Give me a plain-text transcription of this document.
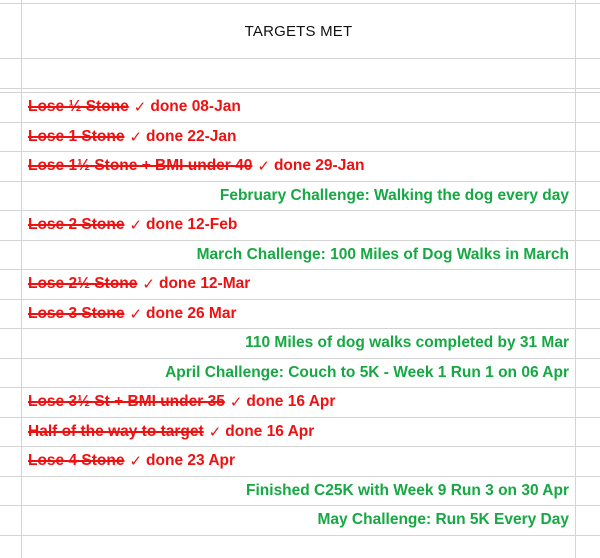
TARGETS MET
Lose ½ Stone ✓ done 08-Jan
Lose 1 Stone ✓ done 22-Jan
Lose 1½ Stone + BMI under 40 ✓ done 29-Jan
February Challenge: Walking the dog every day
Lose 2 Stone ✓ done 12-Feb
March Challenge: 100 Miles of Dog Walks in March
Lose 2½ Stone ✓ done 12-Mar
Lose 3 Stone ✓ done 26 Mar
110 Miles of dog walks completed by 31 Mar
April Challenge: Couch to 5K - Week 1 Run 1 on 06 Apr
Lose 3½ St + BMI under 35 ✓ done 16 Apr
Half of the way to target ✓ done 16 Apr
Lose 4 Stone ✓ done 23 Apr
Finished C25K with Week 9 Run 3 on 30 Apr
May Challenge: Run 5K Every Day
